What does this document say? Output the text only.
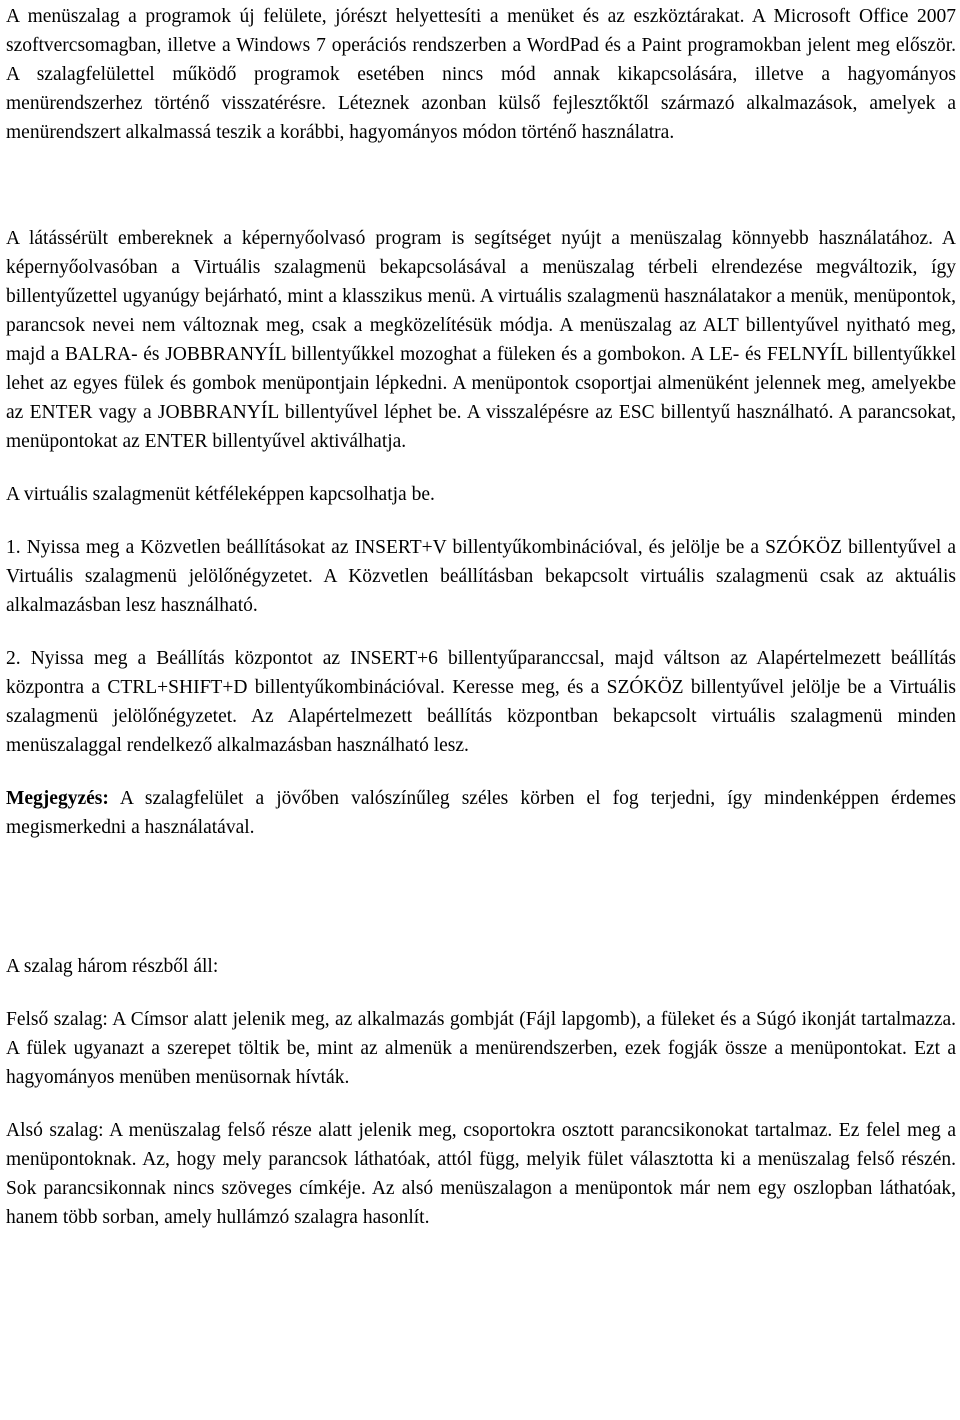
A menüszalag a programok új felülete, jórészt helyettesíti a menüket és az eszköztárakat. A Microsoft Office 2007 szoftvercsomagban, illetve a Windows 7 operációs rendszerben a WordPad és a Paint programokban jelent meg először. A szalagfelülettel működő programok esetében nincs mód annak kikapcsolására, illetve a hagyományos menürendszerhez történő visszatérésre. Léteznek azonban külső fejlesztőktől származó alkalmazások, amelyek a menürendszert alkalmassá teszik a korábbi, hagyományos módon történő használatra.

A látássérült embereknek a képernyőolvasó program is segítséget nyújt a menüszalag könnyebb használatához. A képernyőolvasóban a Virtuális szalagmenü bekapcsolásával a menüszalag térbeli elrendezése megváltozik, így billentyűzettel ugyanúgy bejárható, mint a klasszikus menü. A virtuális szalagmenü használatakor a menük, menüpontok, parancsok nevei nem változnak meg, csak a megközelítésük módja. A menüszalag az ALT billentyűvel nyitható meg, majd a BALRA- és JOBBRANYÍL billentyűkkel mozoghat a füleken és a gombokon. A LE- és FELNYÍL billentyűkkel lehet az egyes fülek és gombok menüpontjain lépkedni. A menüpontok csoportjai almenüként jelennek meg, amelyekbe az ENTER vagy a JOBBRANYÍL billentyűvel léphet be. A visszalépésre az ESC billentyű használható. A parancsokat, menüpontokat az ENTER billentyűvel aktiválhatja.

A virtuális szalagmenüt kétféleképpen kapcsolhatja be.

1. Nyissa meg a Közvetlen beállításokat az INSERT+V billentyűkombinációval, és jelölje be a SZÓKÖZ billentyűvel a Virtuális szalagmenü jelölőnégyzetet. A Közvetlen beállításban bekapcsolt virtuális szalagmenü csak az aktuális alkalmazásban lesz használható.

2. Nyissa meg a Beállítás központot az INSERT+6 billentyűparanccsal, majd váltson az Alapértelmezett beállítás központra a CTRL+SHIFT+D billentyűkombinációval. Keresse meg, és a SZÓKÖZ billentyűvel jelölje be a Virtuális szalagmenü jelölőnégyzetet. Az Alapértelmezett beállítás központban bekapcsolt virtuális szalagmenü minden menüszalaggal rendelkező alkalmazásban használható lesz.

Megjegyzés: A szalagfelület a jövőben valószínűleg széles körben el fog terjedni, így mindenképpen érdemes megismerkedni a használatával.

A szalag három részből áll:

Felső szalag: A Címsor alatt jelenik meg, az alkalmazás gombját (Fájl lapgomb), a füleket és a Súgó ikonját tartalmazza. A fülek ugyanazt a szerepet töltik be, mint az almenük a menürendszerben, ezek fogják össze a menüpontokat. Ezt a hagyományos menüben menüsornak hívták.

Alsó szalag: A menüszalag felső része alatt jelenik meg, csoportokra osztott parancsikonokat tartalmaz. Ez felel meg a menüpontoknak. Az, hogy mely parancsok láthatóak, attól függ, melyik fület választotta ki a menüszalag felső részén. Sok parancsikonnak nincs szöveges címkéje. Az alsó menüszalagon a menüpontok már nem egy oszlopban láthatóak, hanem több sorban, amely hullámzó szalagra hasonlít.
